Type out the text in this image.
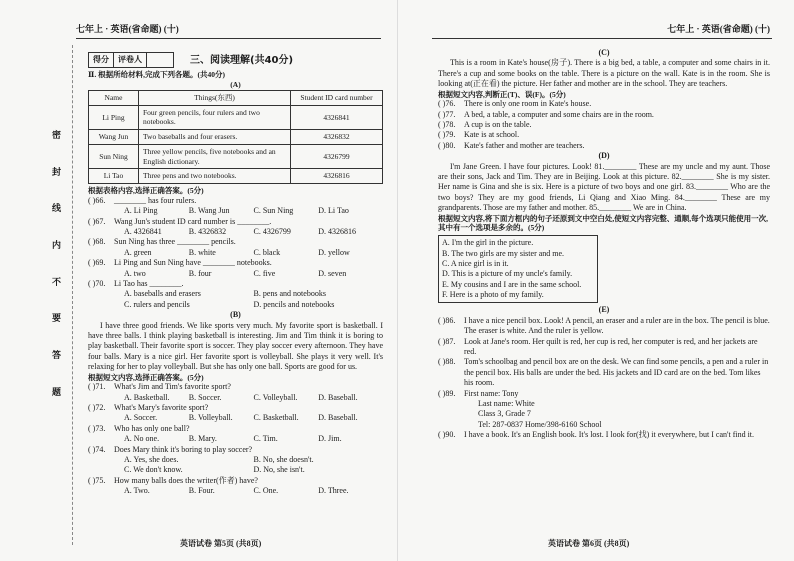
七年上 · 英语(省命题) (十)
密
封
线
内
不
要
答
题
得分	评卷人	三、阅读理解(共40分)
Ⅱ. 根据所给材料,完成下列各题。(共40分)
(A)
Name	Things(东西)	Student ID card number
Li Ping	Four green pencils, four rulers and two notebooks.	4326841
Wang Jun	Two baseballs and four erasers.	4326832
Sun Ning	Three yellow pencils, five notebooks and an English dictionary.	4326799
Li Tao	Three pens and two notebooks.	4326816
根据表格内容,选择正确答案。(5分)
( )66.	________ has four rulers.
A. Li Ping	B. Wang Jun	C. Sun Ning	D. Li Tao
( )67.	Wang Jun's student ID card number is ________.
A. 4326841	B. 4326832	C. 4326799	D. 4326816
( )68.	Sun Ning has three ________ pencils.
A. green	B. white	C. black	D. yellow
( )69.	Li Ping and Sun Ning have ________ notebooks.
A. two	B. four	C. five	D. seven
( )70.	Li Tao has ________.
A. baseballs and erasers	B. pens and notebooks
C. rulers and pencils	D. pencils and notebooks
(B)
I have three good friends. We like sports very much. My favorite sport is basketball. I have three balls. I think playing basketball is interesting. Jim and Tim think it is boring to play basketball. Their favorite sport is soccer. They play soccer every afternoon. They have four balls. Mary is a nice girl. Her favorite sport is volleyball. She plays it very well. It's relaxing for her to play volleyball. But she has only one ball. Sports are good for us.
根据短文内容,选择正确答案。(5分)
( )71.	What's Jim and Tim's favorite sport?
A. Basketball.	B. Soccer.	C. Volleyball.	D. Baseball.
( )72.	What's Mary's favorite sport?
A. Soccer.	B. Volleyball.	C. Basketball.	D. Baseball.
( )73.	Who has only one ball?
A. No one.	B. Mary.	C. Tim.	D. Jim.
( )74.	Does Mary think it's boring to play soccer?
A. Yes, she does.	B. No, she doesn't.
C. We don't know.	D. No, she isn't.
( )75.	How many balls does the writer(作者) have?
A. Two.	B. Four.	C. One.	D. Three.
英语试卷 第5页 (共8页)
七年上 · 英语(省命题) (十)
(C)
This is a room in Kate's house(房子). There is a big bed, a table, a computer and some chairs in it. There's a cup and some books on the table. There is a picture on the wall. Kate is in the room. She is looking at(正在看) the picture. Her father and mother are in the school. They are teachers.
根据短文内容,判断正(T)、误(F)。(5分)
( )76.	There is only one room in Kate's house.
( )77.	A bed, a table, a computer and some chairs are in the room.
( )78.	A cup is on the table.
( )79.	Kate is at school.
( )80.	Kate's father and mother are teachers.
(D)
I'm Jane Green. I have four pictures. Look! 81.________ These are my uncle and my aunt. Those are their sons, Jack and Tim. They are in Beijing. Look at this picture. 82.________ She is my sister. Her name is Gina and she is six. Here is a picture of two boys and one girl. 83.________ Who are the two boys? They are my good friends, Li Qiang and Xiao Ming. 84.________ These are my grandparents. Those are my father and mother. 85.________ We are in China.
根据短文内容,将下面方框内的句子还原到文中空白处,使短文内容完整、通顺,每个选项只能使用一次,其中有一个选项是多余的。(5分)
A. I'm the girl in the picture.
B. The two girls are my sister and me.
C. A nice girl is in it.
D. This is a picture of my uncle's family.
E. My cousins and I are in the same school.
F. Here is a photo of my family.
(E)
( )86.	I have a nice pencil box. Look! A pencil, an eraser and a ruler are in the box. The pencil is blue. The eraser is white. And the ruler is yellow.
( )87.	Look at Jane's room. Her quilt is red, her cup is red, her computer is red, and her jackets are red.
( )88.	Tom's schoolbag and pencil box are on the desk. We can find some pencils, a pen and a ruler in the pencil box. His balls are under the bed. His jackets and ID card are on the bed. Tom likes his room.
( )89.	First name: Tony
Last name: White
Class 3, Grade 7
Tel: 287-0837 Home/398-6160 School
( )90.	I have a book. It's an English book. It's lost. I look for(找) it everywhere, but I can't find it.
英语试卷 第6页 (共8页)
